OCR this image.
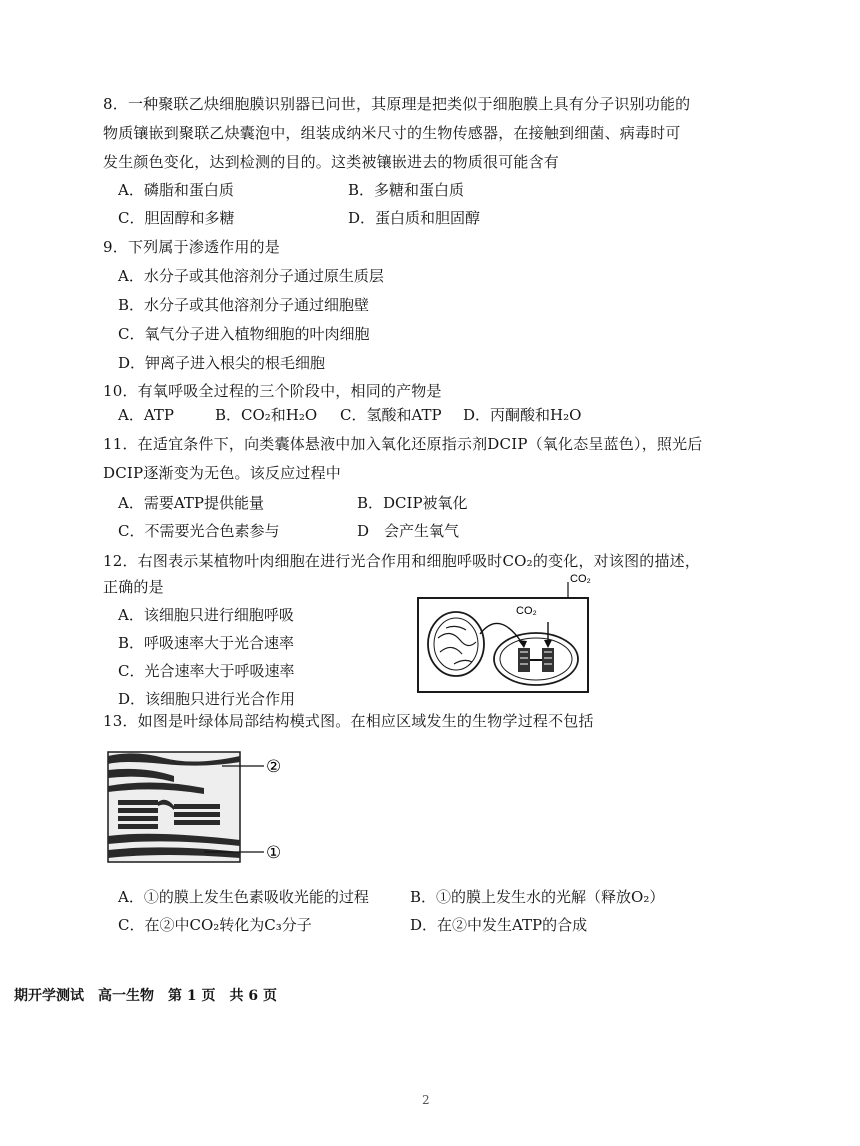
8．一种聚联乙炔细胞膜识别器已问世，其原理是把类似于细胞膜上具有分子识别功能的
物质镶嵌到聚联乙炔囊泡中，组装成纳米尺寸的生物传感器，在接触到细菌、病毒时可
发生颜色变化，达到检测的目的。这类被镶嵌进去的物质很可能含有
A．磷脂和蛋白质	B．多糖和蛋白质
C．胆固醇和多糖	D．蛋白质和胆固醇
9．下列属于渗透作用的是
A．水分子或其他溶剂分子通过原生质层
B．水分子或其他溶剂分子通过细胞壁
C．氧气分子进入植物细胞的叶肉细胞
D．钾离子进入根尖的根毛细胞
10．有氧呼吸全过程的三个阶段中，相同的产物是
A．ATP	B．CO₂和H₂O C．氢酸和ATP D．丙酮酸和H₂O
11．在适宜条件下，向类囊体悬液中加入氧化还原指示剂DCIP（氧化态呈蓝色），照光后
DCIP逐渐变为无色。该反应过程中
A．需要ATP提供能量	B．DCIP被氧化
C．不需要光合色素参与	D　会产生氧气
12．右图表示某植物叶肉细胞在进行光合作用和细胞呼吸时CO₂的变化，对该图的描述，
正确的是
A．该细胞只进行细胞呼吸
B．呼吸速率大于光合速率
C．光合速率大于呼吸速率
D．该细胞只进行光合作用
CO₂
CO₂
13．如图是叶绿体局部结构模式图。在相应区域发生的生物学过程不包括
②
①
A．①的膜上发生色素吸收光能的过程	B．①的膜上发生水的光解（释放O₂）
C．在②中CO₂转化为C₃分子	D．在②中发生ATP的合成
期开学测试　高一生物　第 1 页　共 6 页
2
